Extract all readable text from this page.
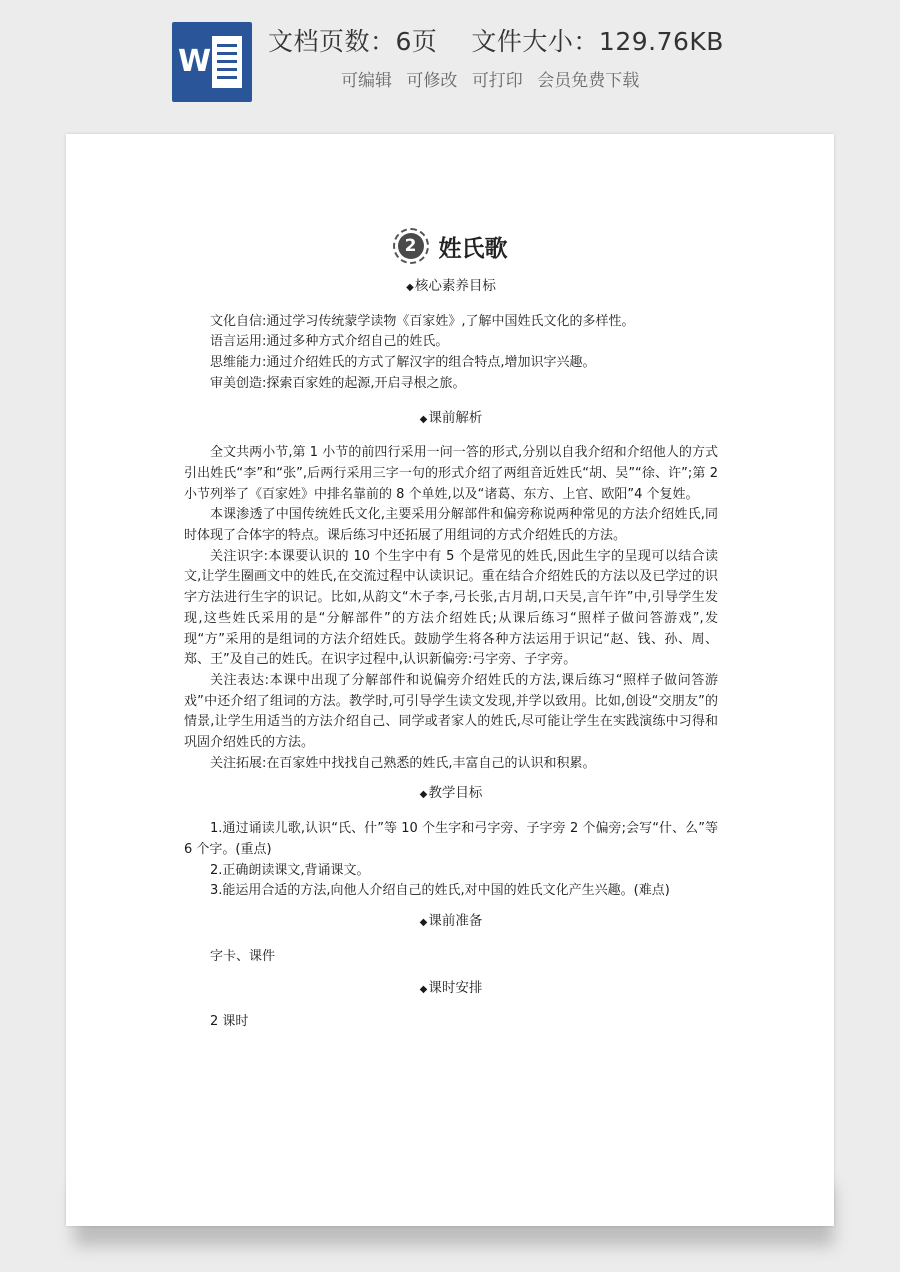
W
文档页数：6页 文件大小：129.76KB
可编辑 可修改 可打印 会员免费下载
2 姓氏歌
◆核心素养目标

文化自信:通过学习传统蒙学读物《百家姓》,了解中国姓氏文化的多样性。

语言运用:通过多种方式介绍自己的姓氏。

思维能力:通过介绍姓氏的方式了解汉字的组合特点,增加识字兴趣。

审美创造:探索百家姓的起源,开启寻根之旅。

◆课前解析

全文共两小节,第 1 小节的前四行采用一问一答的形式,分别以自我介绍和介绍他人的方式引出姓氏“李”和“张”,后两行采用三字一句的形式介绍了两组音近姓氏“胡、吴”“徐、许”;第 2 小节列举了《百家姓》中排名靠前的 8 个单姓,以及“诸葛、东方、上官、欧阳”4 个复姓。

本课渗透了中国传统姓氏文化,主要采用分解部件和偏旁称说两种常见的方法介绍姓氏,同时体现了合体字的特点。课后练习中还拓展了用组词的方式介绍姓氏的方法。

关注识字:本课要认识的 10 个生字中有 5 个是常见的姓氏,因此生字的呈现可以结合读文,让学生圈画文中的姓氏,在交流过程中认读识记。重在结合介绍姓氏的方法以及已学过的识字方法进行生字的识记。比如,从韵文“木子李,弓长张,古月胡,口天吴,言午许”中,引导学生发现,这些姓氏采用的是“分解部件”的方法介绍姓氏;从课后练习“照样子做问答游戏”,发现“方”采用的是组词的方法介绍姓氏。鼓励学生将各种方法运用于识记“赵、钱、孙、周、郑、王”及自己的姓氏。在识字过程中,认识新偏旁:弓字旁、子字旁。

关注表达:本课中出现了分解部件和说偏旁介绍姓氏的方法,课后练习“照样子做问答游戏”中还介绍了组词的方法。教学时,可引导学生读文发现,并学以致用。比如,创设“交朋友”的情景,让学生用适当的方法介绍自己、同学或者家人的姓氏,尽可能让学生在实践演练中习得和巩固介绍姓氏的方法。

关注拓展:在百家姓中找找自己熟悉的姓氏,丰富自己的认识和积累。

◆教学目标

1.通过诵读儿歌,认识“氏、什”等 10 个生字和弓字旁、子字旁 2 个偏旁;会写“什、么”等 6 个字。(重点)

2.正确朗读课文,背诵课文。

3.能运用合适的方法,向他人介绍自己的姓氏,对中国的姓氏文化产生兴趣。(难点)

◆课前准备

字卡、课件

◆课时安排

2 课时
